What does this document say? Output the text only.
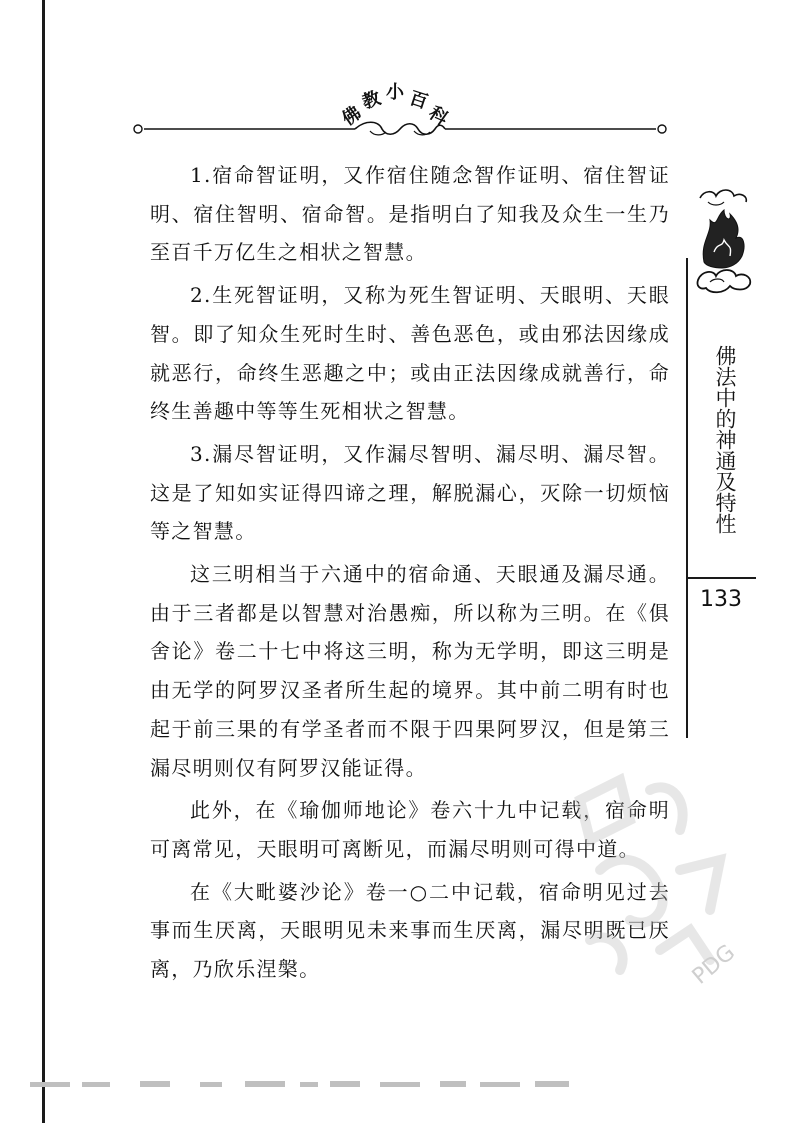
佛
教 小 百
科

1.宿命智证明，又作宿住随念智作证明、宿住智证明、宿住智明、宿命智。是指明白了知我及众生一生乃至百千万亿生之相状之智慧。

2.生死智证明，又称为死生智证明、天眼明、天眼智。即了知众生死时生时、善色恶色，或由邪法因缘成就恶行，命终生恶趣之中；或由正法因缘成就善行，命终生善趣中等等生死相状之智慧。

3.漏尽智证明，又作漏尽智明、漏尽明、漏尽智。这是了知如实证得四谛之理，解脱漏心，灭除一切烦恼等之智慧。

这三明相当于六通中的宿命通、天眼通及漏尽通。由于三者都是以智慧对治愚痴，所以称为三明。在《俱舍论》卷二十七中将这三明，称为无学明，即这三明是由无学的阿罗汉圣者所生起的境界。其中前二明有时也起于前三果的有学圣者而不限于四果阿罗汉，但是第三漏尽明则仅有阿罗汉能证得。

此外，在《瑜伽师地论》卷六十九中记载，宿命明可离常见，天眼明可离断见，而漏尽明则可得中道。

在《大毗婆沙论》卷一○二中记载，宿命明见过去事而生厌离，天眼明见未来事而生厌离，漏尽明既已厌离，乃欣乐涅槃。

佛法中的神通及特性
133
PDG
